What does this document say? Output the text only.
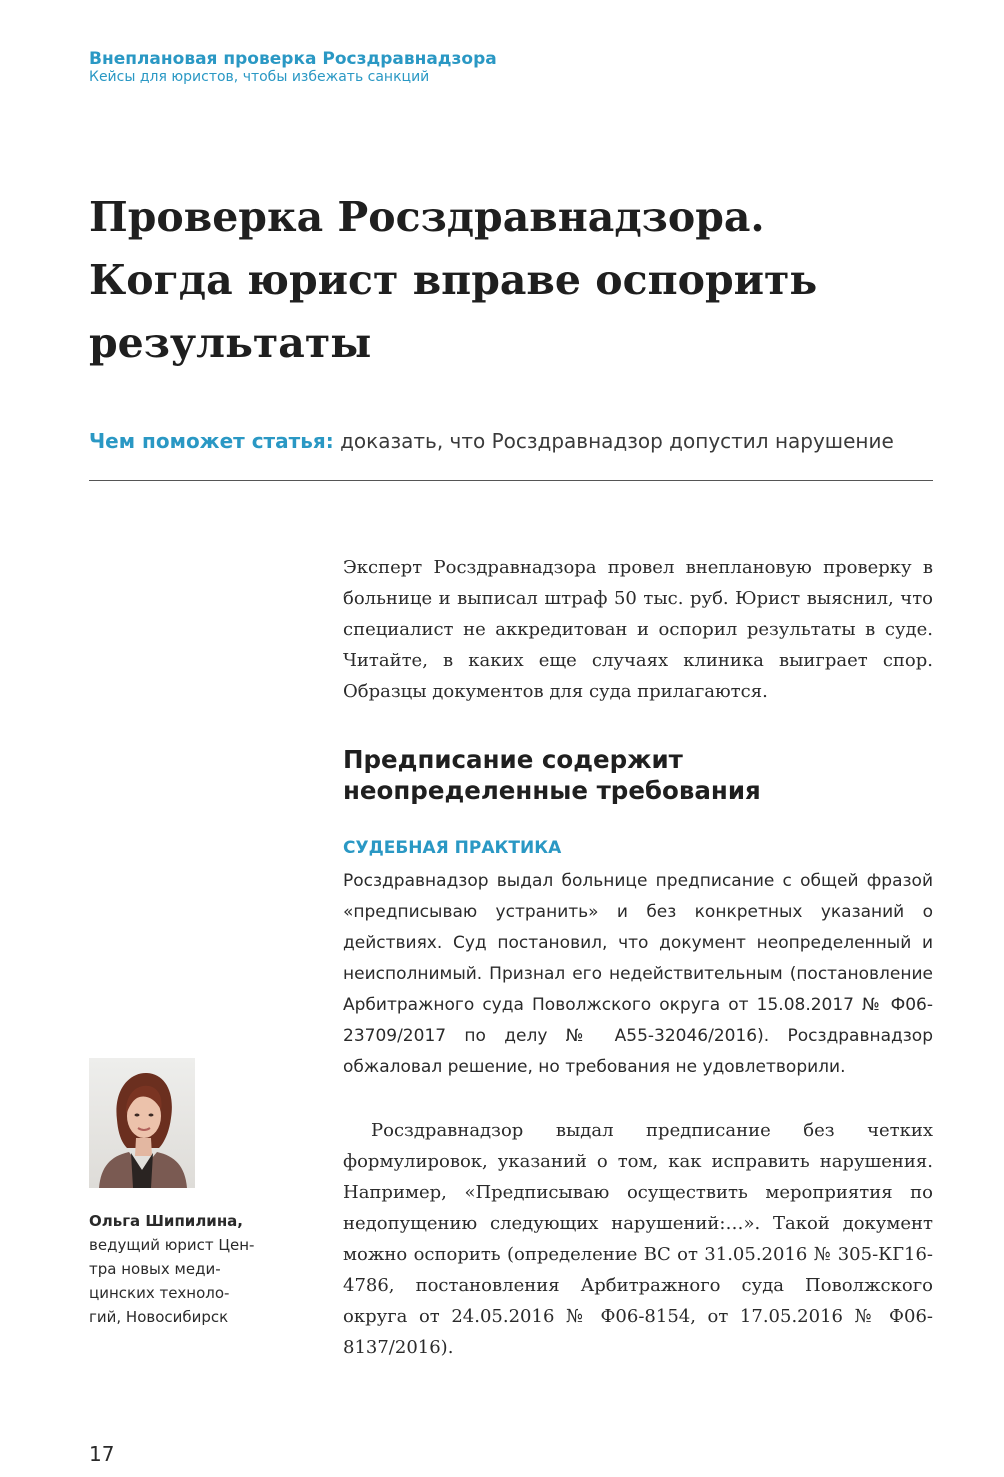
Внеплановая проверка Росздравнадзора
Кейсы для юристов, чтобы избежать санкций
Проверка Росздравнадзора.
Когда юрист вправе оспорить
результаты
Чем поможет статья: доказать, что Росздравнадзор допустил нарушение
Эксперт Росздравнадзора провел внеплановую проверку в больнице и выписал штраф 50 тыс. руб. Юрист выяснил, что специалист не аккредитован и оспорил результаты в суде. Читайте, в каких еще случаях клиника выиграет спор. Образцы документов для суда прилагаются.
Предписание содержит неопределенные требования
СУДЕБНАЯ ПРАКТИКА
Росздравнадзор выдал больнице предписание с общей фразой «предписываю устранить» и без конкретных указаний о действиях. Суд постановил, что документ неопределенный и неисполнимый. Признал его недействительным (постановление Арбитражного суда Поволжского округа от 15.08.2017 № Ф06-23709/2017 по делу № А55-32046/2016). Росздравнадзор обжаловал решение, но требования не удовлетворили.
Росздравнадзор выдал предписание без четких формулировок, указаний о том, как исправить нарушения. Например, «Предписываю осуществить мероприятия по недопущению следующих нарушений:…». Такой документ можно оспорить (определение ВС от 31.05.2016 № 305-КГ16-4786, постановления Арбитражного суда Поволжского округа от 24.05.2016 № Ф06-8154, от 17.05.2016 № Ф06-8137/2016).
Ольга Шипилина,
ведущий юрист Цен-
тра новых меди-
цинских техноло-
гий, Новосибирск
17
